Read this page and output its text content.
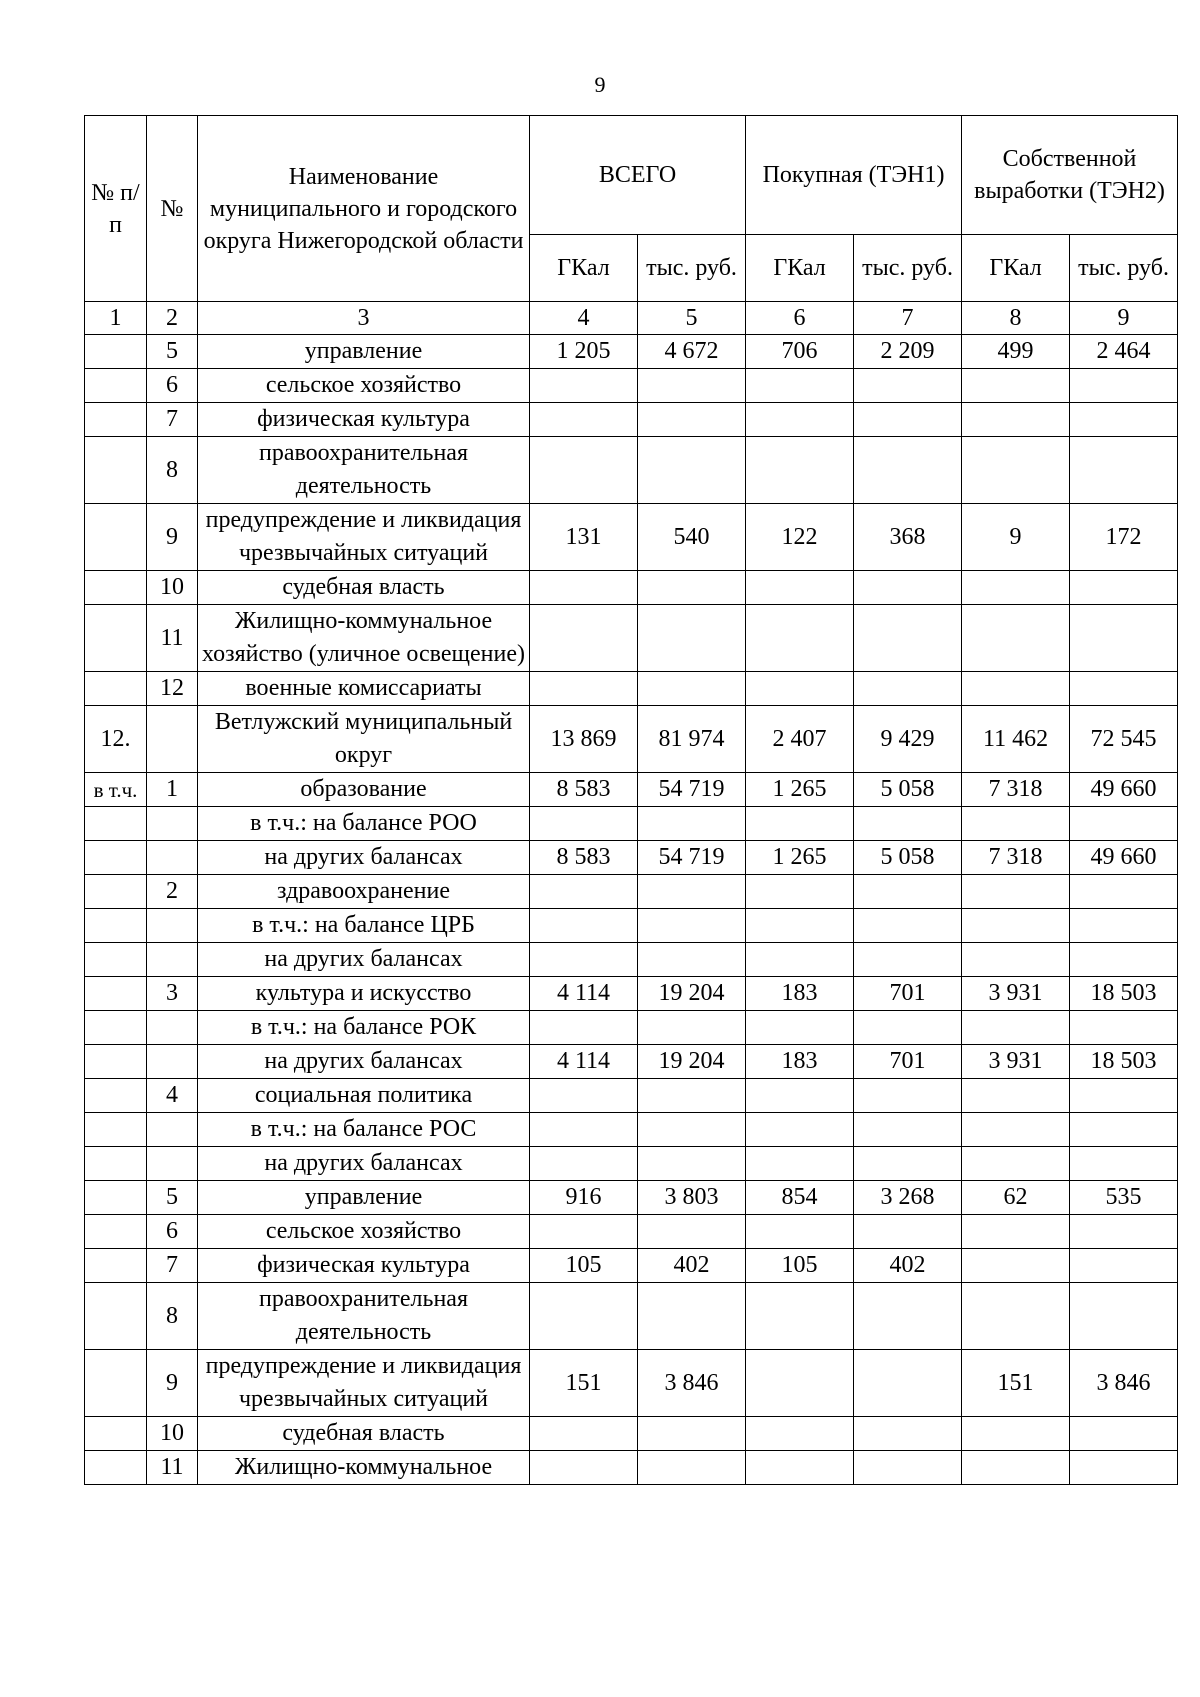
9
№ п/п	№	Наименование муниципального и городского округа Нижегородской области	ВСЕГО		Покупная (ТЭН1)		Собственной выработки (ТЭН2)	
			ГКал	тыс. руб.	ГКал	тыс. руб.	ГКал	тыс. руб.
1	2	3	4	5	6	7	8	9
	5	управление	1 205	4 672	706	2 209	499	2 464
	6	сельское хозяйство						
	7	физическая культура						
	8	правоохранительная деятельность						
	9	предупреждение и ликвидация чрезвычайных ситуаций	131	540	122	368	9	172
	10	судебная власть						
	11	Жилищно-коммунальное хозяйство (уличное освещение)						
	12	военные комиссариаты						
12.		Ветлужский муниципальный округ	13 869	81 974	2 407	9 429	11 462	72 545
в т.ч.	1	образование	8 583	54 719	1 265	5 058	7 318	49 660
		в т.ч.: на балансе РОО						
		на других балансах	8 583	54 719	1 265	5 058	7 318	49 660
	2	здравоохранение						
		в т.ч.: на балансе ЦРБ						
		на других балансах						
	3	культура и искусство	4 114	19 204	183	701	3 931	18 503
		в т.ч.: на балансе РОК						
		на других балансах	4 114	19 204	183	701	3 931	18 503
	4	социальная политика						
		в т.ч.: на балансе РОС						
		на других балансах						
	5	управление	916	3 803	854	3 268	62	535
	6	сельское хозяйство						
	7	физическая культура	105	402	105	402		
	8	правоохранительная деятельность						
	9	предупреждение и ликвидация чрезвычайных ситуаций	151	3 846			151	3 846
	10	судебная власть						
	11	Жилищно-коммунальное						
